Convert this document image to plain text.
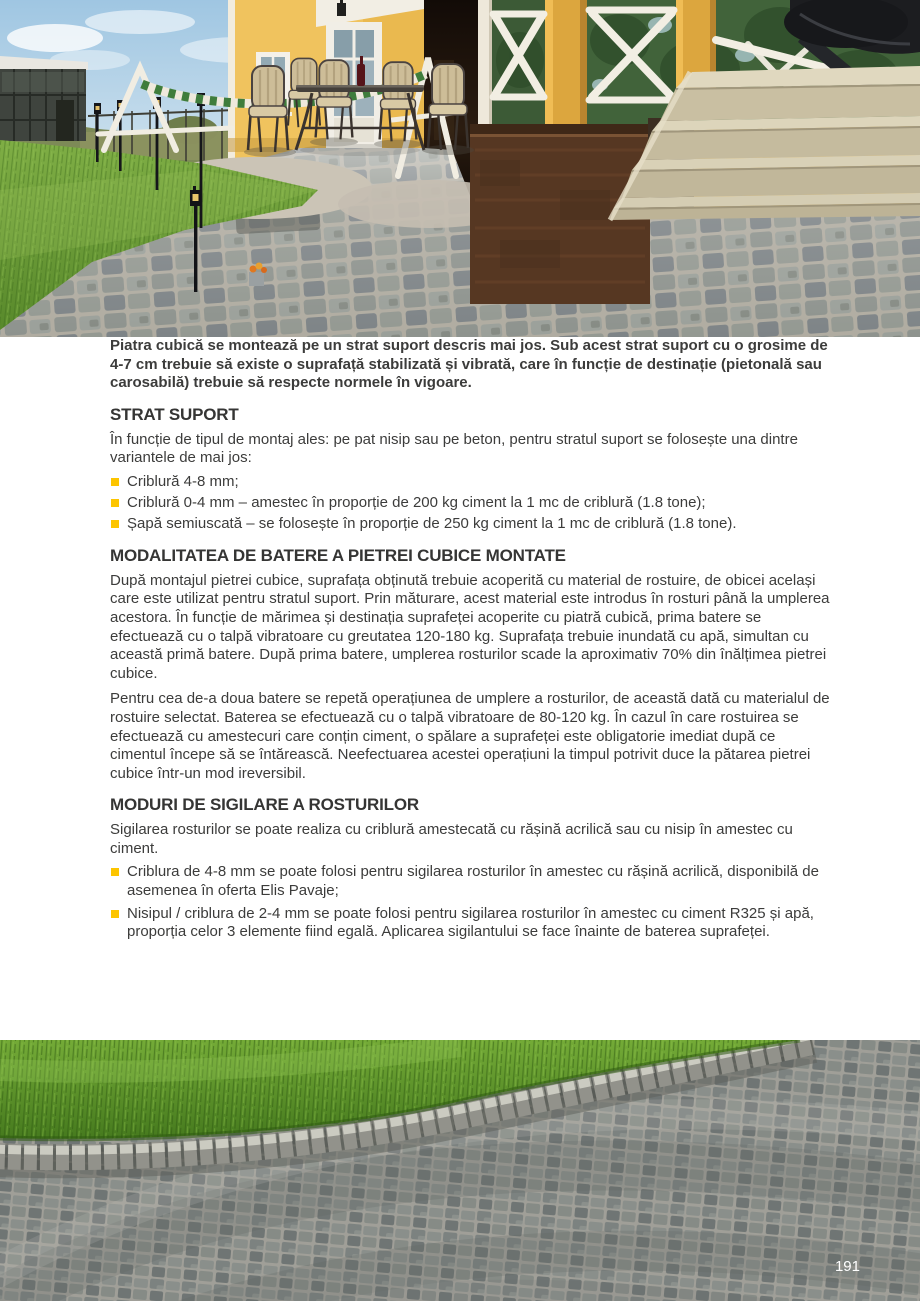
Piatra cubică se montează pe un strat suport descris mai jos. Sub acest strat suport cu o grosime de 4-7 cm trebuie să existe o suprafață stabilizată și vibrată, care în funcție de destinație (pietonală sau carosabilă) trebuie să respecte normele în vigoare.

STRAT SUPORT

În funcție de tipul de montaj ales: pe pat nisip sau pe beton, pentru stratul suport se folosește una dintre variantele de mai jos:

Criblură 4-8 mm;
Criblură 0-4 mm – amestec în proporție de 200 kg ciment la 1 mc de criblură (1.8 tone);
Șapă semiuscată – se folosește în proporție de 250 kg ciment la 1 mc de criblură (1.8 tone).
MODALITATEA DE BATERE A PIETREI CUBICE MONTATE

După montajul pietrei cubice, suprafața obținută trebuie acoperită cu material de rostuire, de obicei același care este utilizat pentru stratul suport. Prin măturare, acest material este introdus în rosturi până la umplerea acestora. În funcție de mărimea și destinația suprafeței acoperite cu piatră cubică, prima batere se efectuează cu o talpă vibratoare cu greutatea 120-180 kg. Suprafața trebuie inundată cu apă, simultan cu această primă batere. După prima batere, umplerea rosturilor scade la aproximativ 70% din înălțimea pietrei cubice.

Pentru cea de-a doua batere se repetă operațiunea de umplere a rosturilor, de această dată cu materialul de rostuire selectat. Baterea se efectuează cu o talpă vibratoare de 80-120 kg. În cazul în care rostuirea se efectuează cu amestecuri care conțin ciment, o spălare a suprafeței este obligatorie imediat după ce cimentul începe să se întărească. Neefectuarea acestei operațiuni la timpul potrivit duce la pătarea pietrei cubice într-un mod ireversibil.

MODURI DE SIGILARE A ROSTURILOR

Sigilarea rosturilor se poate realiza cu criblură amestecată cu rășină acrilică sau cu nisip în amestec cu ciment.

Criblura de 4-8 mm se poate folosi pentru sigilarea rosturilor în amestec cu rășină acrilică, disponibilă de asemenea în oferta Elis Pavaje;
Nisipul / criblura de 2-4 mm se poate folosi pentru sigilarea rosturilor în amestec cu ciment R325 și apă, proporția celor 3 elemente fiind egală. Aplicarea sigilantului se face înainte de baterea suprafeței.
191
